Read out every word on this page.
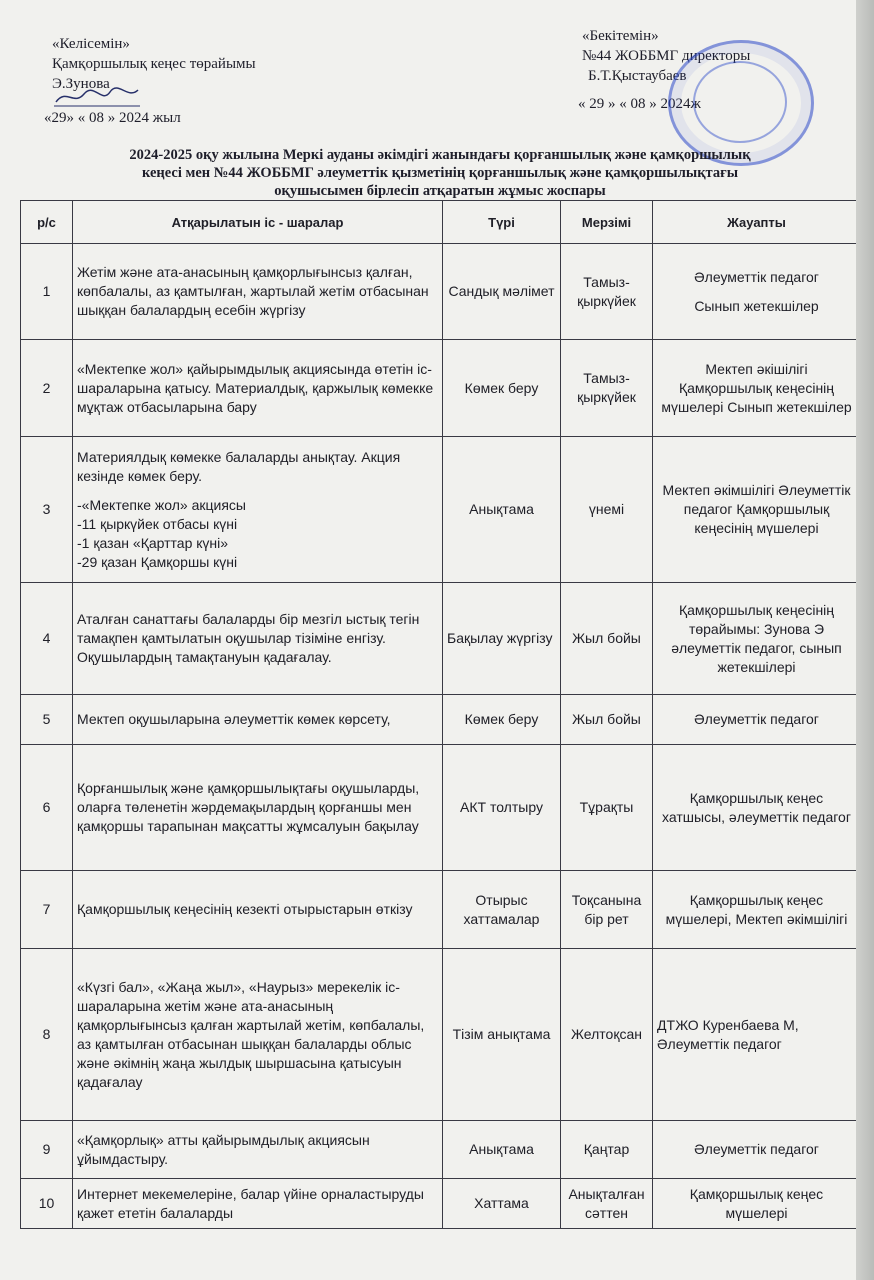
«Келісемін»
Қамқоршылық кеңес төрайымы
Э.Зунова
«29» « 08 » 2024 жыл
«Бекітемін»
№44 ЖОББМГ директоры
Б.Т.Қыстаубаев
« 29 » « 08 » 2024ж
2024-2025 оқу жылына Меркі ауданы әкімдігі жанындағы қорғаншылық және қамқоршылық
кеңесі мен №44 ЖОББМГ әлеуметтік қызметінің қорғаншылық және қамқоршылықтағы
оқушысымен бірлесіп атқаратын жұмыс жоспары
р/с	Атқарылатын іс - шаралар	Түрі	Мерзімі	Жауапты
1	Жетім және ата-анасының қамқорлығынсыз қалған, көпбалалы, аз қамтылған, жартылай жетім отбасынан шыққан балалардың есебін жүргізу	Сандық мәлімет	Тамыз-қыркүйек	Әлеуметтік педагог
Сынып жетекшілер

2	«Мектепке жол» қайырымдылық акциясында өтетін іс-шараларына қатысу. Материалдық, қаржылық көмекке мұқтаж отбасыларына бару	Көмек беру	Тамыз-қыркүйек	Мектеп әкішілігі Қамқоршылық кеңесінің мүшелері Сынып жетекшілер

3	Материялдық көмекке балаларды анықтау. Акция кезінде көмек беру.
-«Мектепке жол» акциясы
-11 қыркүйек отбасы күні
-1 қазан «Қарттар күні»
-29 қазан Қамқоршы күні	Анықтама	үнемі	Мектеп әкімшілігі Әлеуметтік педагог Қамқоршылық кеңесінің мүшелері

4	Аталған санаттағы балаларды бір мезгіл ыстық тегін тамақпен қамтылатын оқушылар тізіміне енгізу. Оқушылардың тамақтануын қадағалау.	Бақылау жүргізу	Жыл бойы	Қамқоршылық кеңесінің төрайымы: Зунова Э әлеуметтік педагог, сынып жетекшілері

5	Мектеп оқушыларына әлеуметтік көмек көрсету,	Көмек беру	Жыл бойы	Әлеуметтік педагог

6	Қорғаншылық және қамқоршылықтағы оқушыларды, оларға төленетін жәрдемақылардың қорғаншы мен қамқоршы тарапынан мақсатты жұмсалуын бақылау	АКТ толтыру	Тұрақты	Қамқоршылық кеңес хатшысы, әлеуметтік педагог

7	Қамқоршылық кеңесінің кезекті отырыстарын өткізу	Отырыс хаттамалар	Тоқсанына бір рет	Қамқоршылық кеңес мүшелері, Мектеп әкімшілігі

8	«Күзгі бал», «Жаңа жыл», «Наурыз» мерекелік іс-шараларына жетім және ата-анасының қамқорлығынсыз қалған жартылай жетім, көпбалалы, аз қамтылған отбасынан шыққан балаларды облыс және әкімнің жаңа жылдық шыршасына қатысуын қадағалау	Тізім анықтама	Желтоқсан	ДТЖО Куренбаева М, Әлеуметтік педагог

9	«Қамқорлық» атты қайырымдылық акциясын ұйымдастыру.	Анықтама	Қаңтар	Әлеуметтік педагог

10	Интернет мекемелеріне, балар үйіне орналастыруды қажет ететін балаларды	Хаттама	Анықталған сәттен	Қамқоршылық кеңес мүшелері
